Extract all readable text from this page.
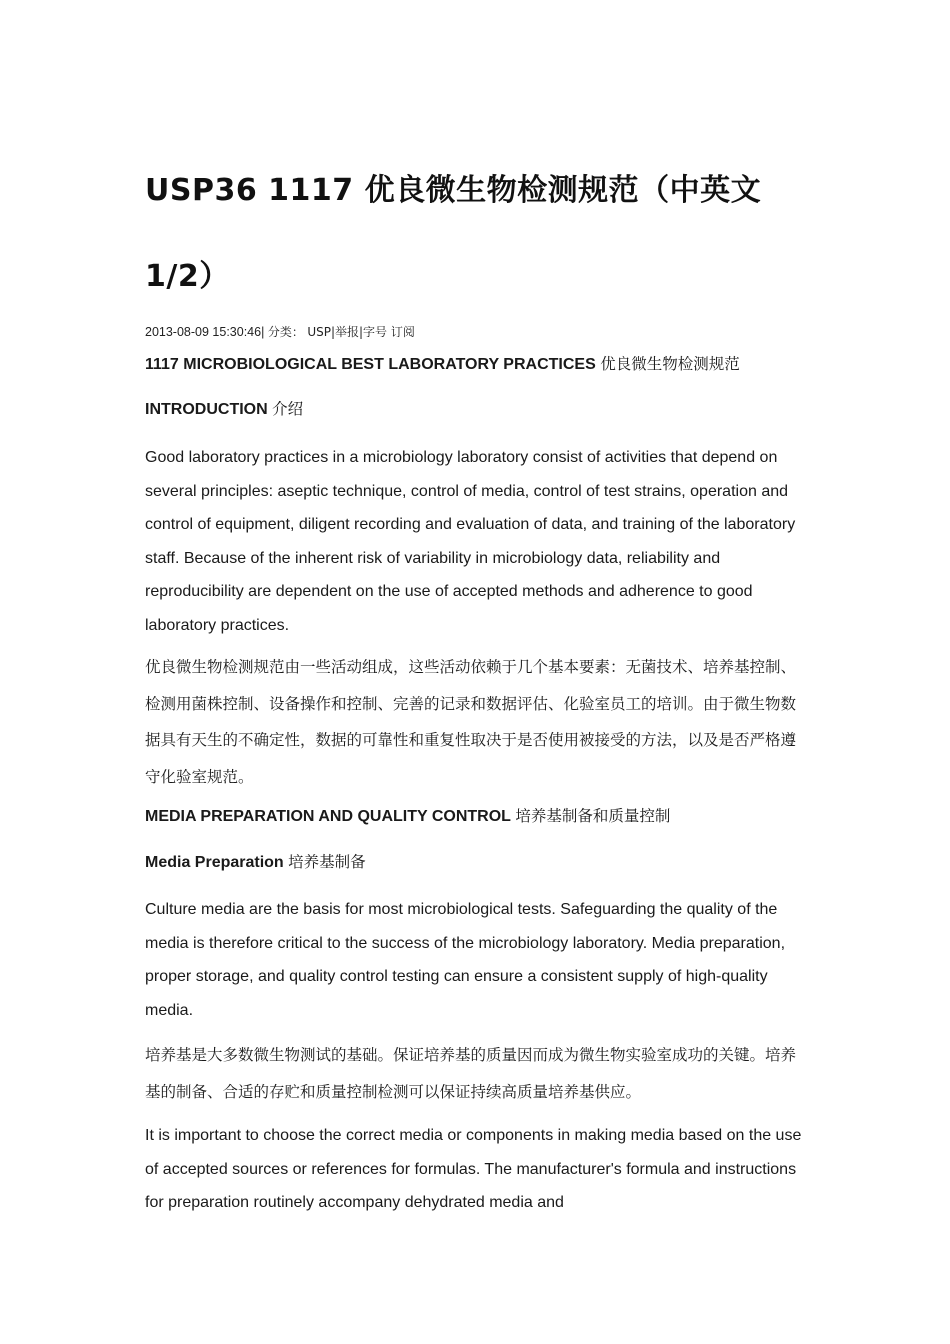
USP36 1117 优良微生物检测规范（中英文 1/2）
2013-08-09 15:30:46| 分类： USP|举报|字号 订阅
1117 MICROBIOLOGICAL BEST LABORATORY PRACTICES 优良微生物检测规范
INTRODUCTION 介绍

Good laboratory practices in a microbiology laboratory consist of activities that depend on several principles: aseptic technique, control of media, control of test strains, operation and control of equipment, diligent recording and evaluation of data, and training of the laboratory staff. Because of the inherent risk of variability in microbiology data, reliability and reproducibility are dependent on the use of accepted methods and adherence to good laboratory practices.

优良微生物检测规范由一些活动组成，这些活动依赖于几个基本要素：无菌技术、培养基控制、检测用菌株控制、设备操作和控制、完善的记录和数据评估、化验室员工的培训。由于微生物数据具有天生的不确定性，数据的可靠性和重复性取决于是否使用被接受的方法，以及是否严格遵守化验室规范。

MEDIA PREPARATION AND QUALITY CONTROL 培养基制备和质量控制
Media Preparation 培养基制备

Culture media are the basis for most microbiological tests. Safeguarding the quality of the media is therefore critical to the success of the microbiology laboratory. Media preparation, proper storage, and quality control testing can ensure a consistent supply of high-quality media.

培养基是大多数微生物测试的基础。保证培养基的质量因而成为微生物实验室成功的关键。培养基的制备、合适的存贮和质量控制检测可以保证持续高质量培养基供应。

It is important to choose the correct media or components in making media based on the use of accepted sources or references for formulas. The manufacturer's formula and instructions for preparation routinely accompany dehydrated media and
